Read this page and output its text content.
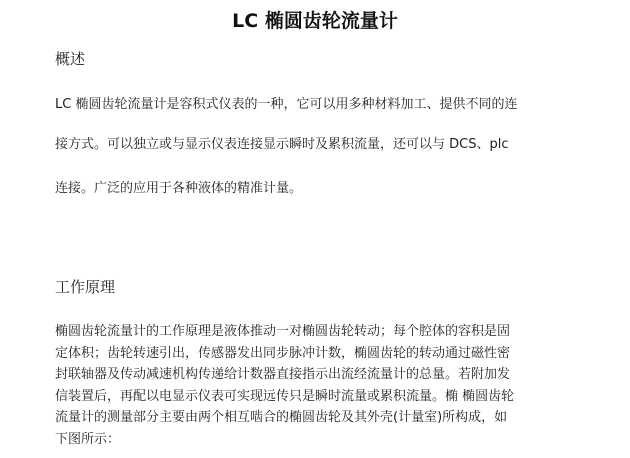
LC 椭圆齿轮流量计
概述
LC 椭圆齿轮流量计是容积式仪表的一种，它可以用多种材料加工、提供不同的连
接方式。可以独立或与显示仪表连接显示瞬时及累积流量，还可以与 DCS、plc
连接。广泛的应用于各种液体的精准计量。
工作原理
椭圆齿轮流量计的工作原理是液体推动一对椭圆齿轮转动；每个腔体的容积是固
定体积；齿轮转速引出，传感器发出同步脉冲计数，椭圆齿轮的转动通过磁性密
封联轴器及传动减速机构传递给计数器直接指示出流经流量计的总量。若附加发
信装置后，再配以电显示仪表可实现远传只是瞬时流量或累积流量。椭 椭圆齿轮
流量计的测量部分主要由两个相互啮合的椭圆齿轮及其外壳(计量室)所构成，如
下图所示：
